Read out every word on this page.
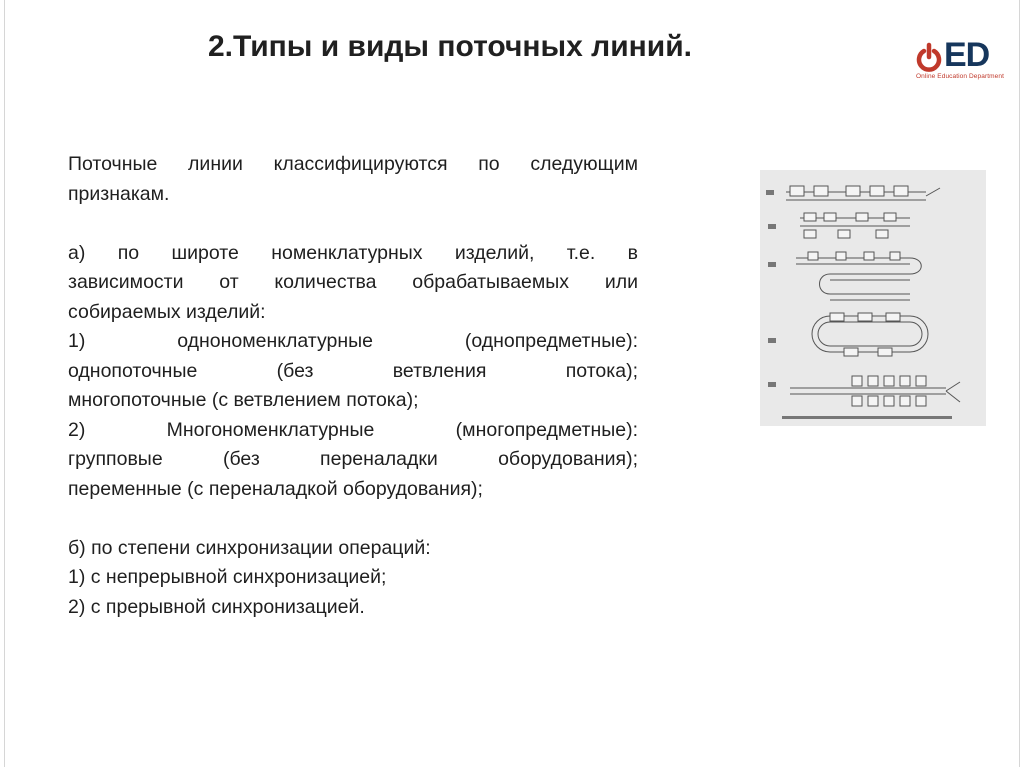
2.Типы и виды поточных линий.	ED
Online Education Department

Поточные линии классифицируются по следующим

признакам.

а) по широте номенклатурных изделий, т.е. в

зависимости от количества обрабатываемых или

собираемых изделий:

1) однономенклатурные (однопредметные):

однопоточные (без ветвления потока);

многопоточные (с ветвлением потока);

2) Многономенклатурные (многопредметные):

групповые (без переналадки оборудования);

переменные (с переналадкой оборудования);

б) по степени синхронизации операций:

1) с непрерывной синхронизацией;

2) с прерывной синхронизацией.
